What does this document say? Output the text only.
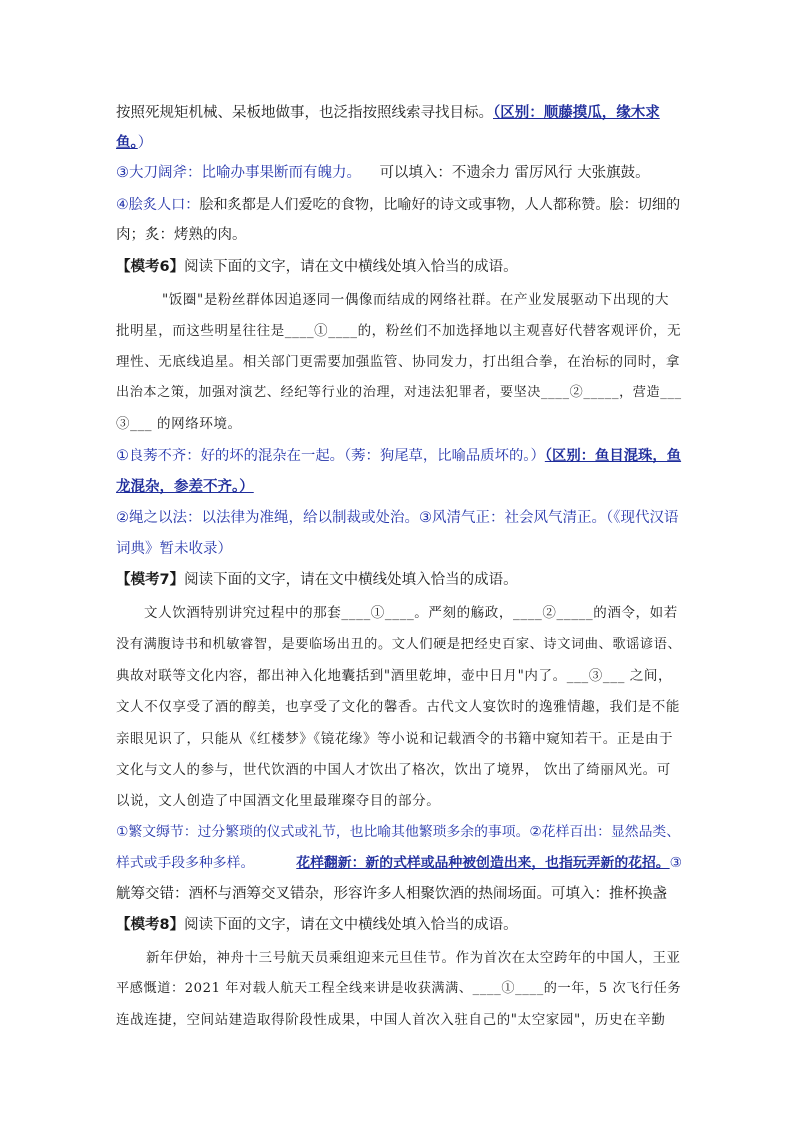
按照死规矩机械、呆板地做事，也泛指按照线索寻找目标。（区别：顺藤摸瓜，缘木求
鱼。）
③大刀阔斧：比喻办事果断而有魄力。 可以填入：不遗余力 雷厉风行 大张旗鼓。
④脍炙人口：脍和炙都是人们爱吃的食物，比喻好的诗文或事物，人人都称赞。脍：切细的
肉；炙：烤熟的肉。
【模考6】阅读下面的文字，请在文中横线处填入恰当的成语。
"饭圈"是粉丝群体因追逐同一偶像而结成的网络社群。在产业发展驱动下出现的大
批明星，而这些明星往往是____①____的，粉丝们不加选择地以主观喜好代替客观评价，无
理性、无底线追星。相关部门更需要加强监管、协同发力，打出组合拳，在治标的同时，拿
出治本之策，加强对演艺、经纪等行业的治理，对违法犯罪者，要坚决____②_____，营造___
③___ 的网络环境。
①良莠不齐：好的坏的混杂在一起。（莠：狗尾草，比喻品质坏的。）（区别：鱼目混珠，鱼
龙混杂，参差不齐。）
②绳之以法：以法律为准绳，给以制裁或处治。③风清气正：社会风气清正。（《现代汉语
词典》暂未收录）
【模考7】阅读下面的文字，请在文中横线处填入恰当的成语。
文人饮酒特别讲究过程中的那套____①____。严刻的觞政，____②_____的酒令，如若
没有满腹诗书和机敏睿智，是要临场出丑的。文人们硬是把经史百家、诗文词曲、歌谣谚语、
典故对联等文化内容，都出神入化地囊括到"酒里乾坤，壶中日月"内了。___③___ 之间，
文人不仅享受了酒的醇美，也享受了文化的馨香。古代文人宴饮时的逸雅情趣，我们是不能
亲眼见识了，只能从《红楼梦》《镜花缘》等小说和记载酒令的书籍中窥知若干。正是由于
文化与文人的参与，世代饮酒的中国人才饮出了格次，饮出了境界， 饮出了绮丽风光。可
以说，文人创造了中国酒文化里最璀璨夺目的部分。
①繁文缛节：过分繁琐的仪式或礼节，也比喻其他繁琐多余的事项。②花样百出：显然品类、
样式或手段多种多样。	花样翻新：新的式样或品种被创造出来，也指玩弄新的花招。③
觥筹交错：酒杯与酒筹交叉错杂，形容许多人相聚饮酒的热闹场面。可填入：推杯换盏
【模考8】阅读下面的文字，请在文中横线处填入恰当的成语。
新年伊始，神舟十三号航天员乘组迎来元旦佳节。作为首次在太空跨年的中国人，王亚
平感慨道：2021 年对载人航天工程全线来讲是收获满满、____①____的一年，5 次飞行任务
连战连捷，空间站建造取得阶段性成果，中国人首次入驻自己的"太空家园"，历史在辛勤
